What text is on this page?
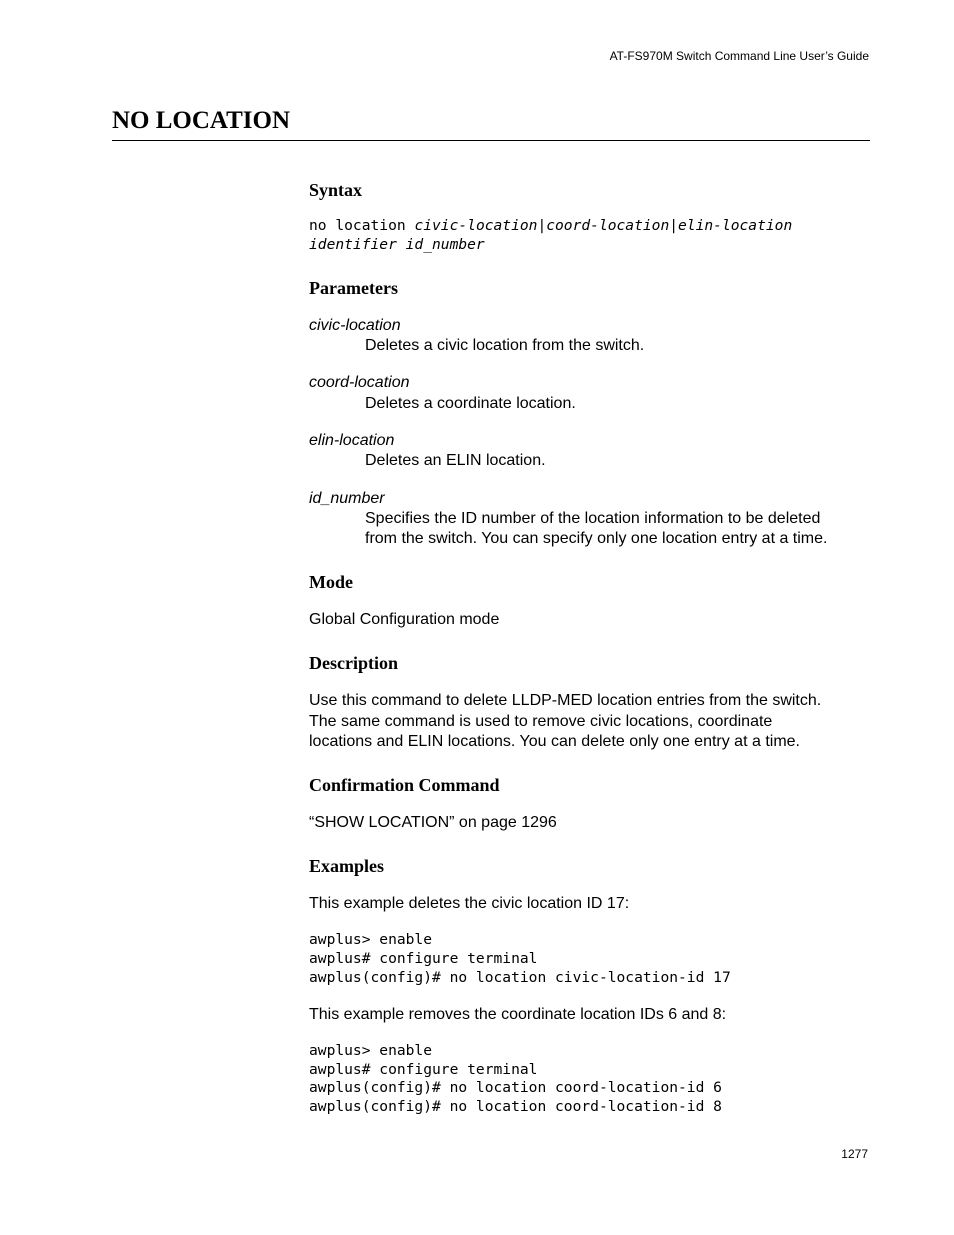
AT-FS970M Switch Command Line User’s Guide
NO LOCATION
Syntax
no location civic-location|coord-location|elin-location
identifier id_number
Parameters
civic-location
Deletes a civic location from the switch.
coord-location
Deletes a coordinate location.
elin-location
Deletes an ELIN location.
id_number
Specifies the ID number of the location information to be deleted
from the switch. You can specify only one location entry at a time.
Mode
Global Configuration mode
Description
Use this command to delete LLDP-MED location entries from the switch.
The same command is used to remove civic locations, coordinate
locations and ELIN locations. You can delete only one entry at a time.
Confirmation Command
“SHOW LOCATION” on page 1296
Examples
This example deletes the civic location ID 17:
awplus> enable
awplus# configure terminal
awplus(config)# no location civic-location-id 17
This example removes the coordinate location IDs 6 and 8:
awplus> enable
awplus# configure terminal
awplus(config)# no location coord-location-id 6
awplus(config)# no location coord-location-id 8
1277
